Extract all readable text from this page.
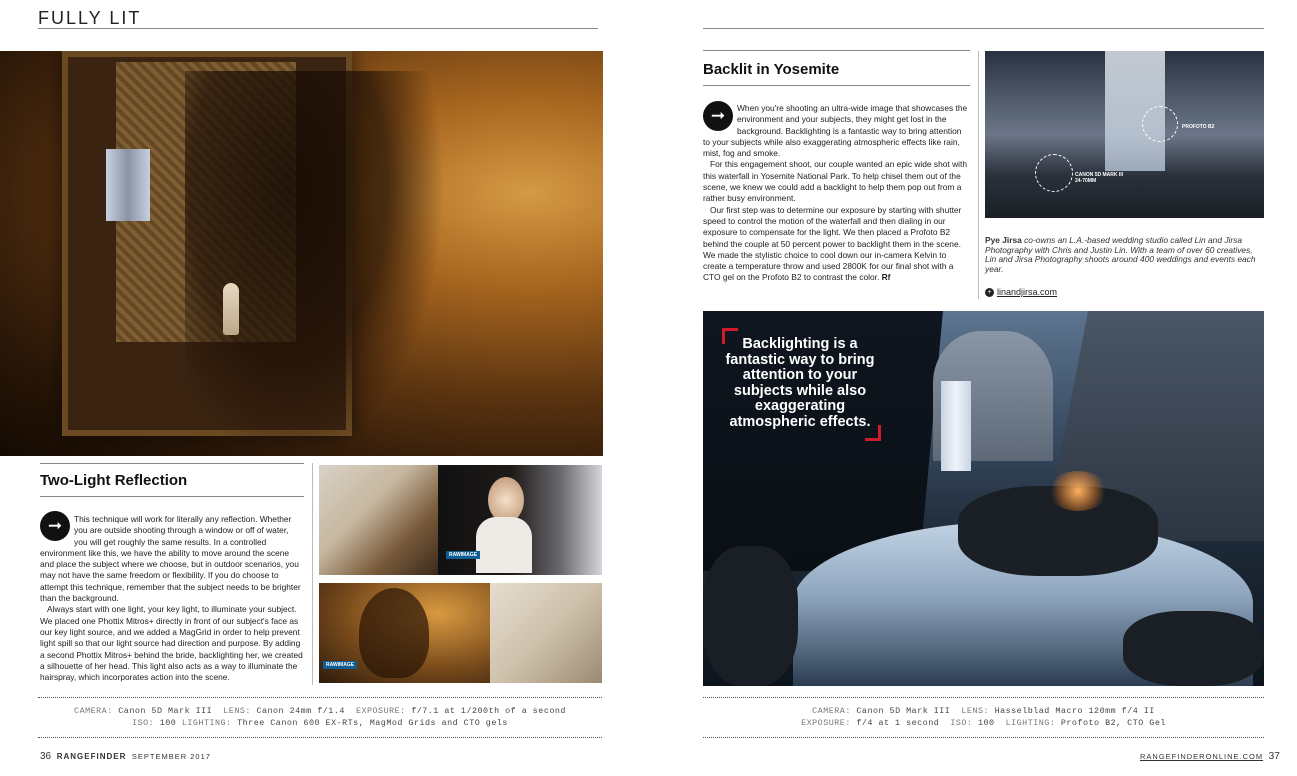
FULLY LIT
Two-Light Reflection
➞	This technique will work for literally any reflection. Whether you are outside shooting through a window or off of water, you will get roughly the same results. In a controlled environment like this, we have the ability to move around the scene and place the subject where we choose, but in outdoor scenarios, you may not have the same freedom or flexibility. If you do choose to attempt this technique, remember that the subject needs to be brighter than the background.
Always start with one light, your key light, to illuminate your subject. We placed one Phottix Mitros+ directly in front of our subject's face as our key light source, and we added a MagGrid in order to help prevent light spill so that our light source had direction and purpose. By adding a second Phottix Mitros+ behind the bride, backlighting her, we created a silhouette of her head. This light also acts as a way to illuminate the hairspray, which incorporates action into the scene.
RAWIMAGE
RAWIMAGE
CAMERA: Canon 5D Mark III LENS: Canon 24mm f/1.4 EXPOSURE: f/7.1 at 1/200th of a second
ISO: 100 LIGHTING: Three Canon 600 EX-RTs, MagMod Grids and CTO gels
36 RANGEFINDER SEPTEMBER 2017
Backlit in Yosemite
➞	When you're shooting an ultra-wide image that showcases the environment and your subjects, they might get lost in the background. Backlighting is a fantastic way to bring attention to your subjects while also exaggerating atmospheric effects like rain, mist, fog and smoke.
For this engagement shoot, our couple wanted an epic wide shot with this waterfall in Yosemite National Park. To help chisel them out of the scene, we knew we could add a backlight to help them pop out from a rather busy environment.
Our first step was to determine our exposure by starting with shutter speed to control the motion of the waterfall and then dialing in our exposure to compensate for the light. We then placed a Profoto B2 behind the couple at 50 percent power to backlight them in the scene. We made the stylistic choice to cool down our in-camera Kelvin to create a temperature throw and used 2800K for our final shot with a CTO gel on the Profoto B2 to contrast the color. Rf
PROFOTO B2
CANON 5D MARK III 24-70MM
Pye Jirsa co-owns an L.A.-based wedding studio called Lin and Jirsa Photography with Chris and Justin Lin. With a team of over 60 creatives, Lin and Jirsa Photography shoots around 400 weddings and events each year.
+ linandjirsa.com
Backlighting is a fantastic way to bring attention to your subjects while also exaggerating atmospheric effects.
CAMERA: Canon 5D Mark III LENS: Hasselblad Macro 120mm f/4 II
EXPOSURE: f/4 at 1 second ISO: 100 LIGHTING: Profoto B2, CTO Gel
RANGEFINDERONLINE.COM 37
